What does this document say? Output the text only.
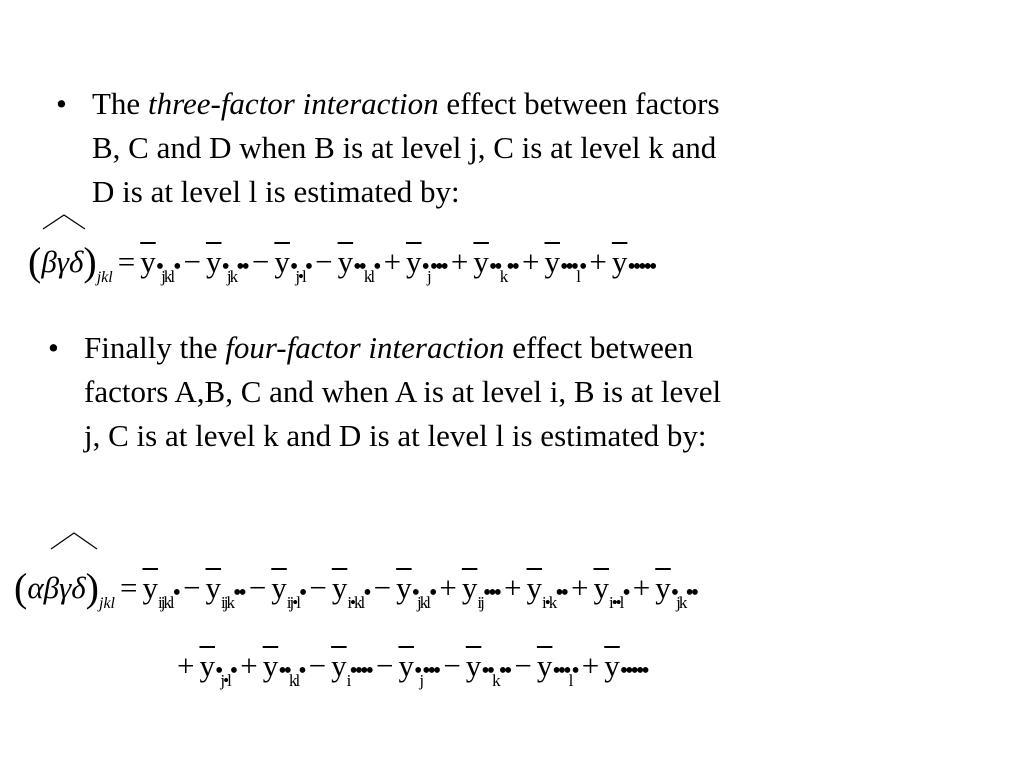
• The three-factor interaction effect between factors
B, C and D when B is at level j, C is at level k and
D is at level l is estimated by:
$(\beta\gamma\delta)_{jkl}$ = $\overline{y}•_{jkl}•$ − $\overline{y}•_{jk}••$ − $\overline{y}•_{j•l}•$ − $\overline{y}••_{kl}•$ + $\overline{y}•_j•••$ + $\overline{y}••_k••$ + $\overline{y}•••_l•$ + $\overline{y}•••••$
• Finally the four-factor interaction effect between
factors A,B, C and when A is at level i, B is at level
j, C is at level k and D is at level l is estimated by:
$(\alpha\beta\gamma\delta)_{jkl}$ = $\overline{y}_{ijkl}•$ − $\overline{y}_{ijk}••$ − $\overline{y}_{ij•l}•$ − $\overline{y}_{i•kl}•$ − $\overline{y}•_{jkl}•$ + $\overline{y}_{ij}•••$ + $\overline{y}_{i•k}••$ + $\overline{y}_{i••l}•$ + $\overline{y}•_{jk}••$
+ $\overline{y}•_{j•l}•$ + $\overline{y}••_{kl}•$ − $\overline{y}_i••••$ − $\overline{y}•_j•••$ − $\overline{y}••_k••$ − $\overline{y}•••_l•$ + $\overline{y}•••••$
